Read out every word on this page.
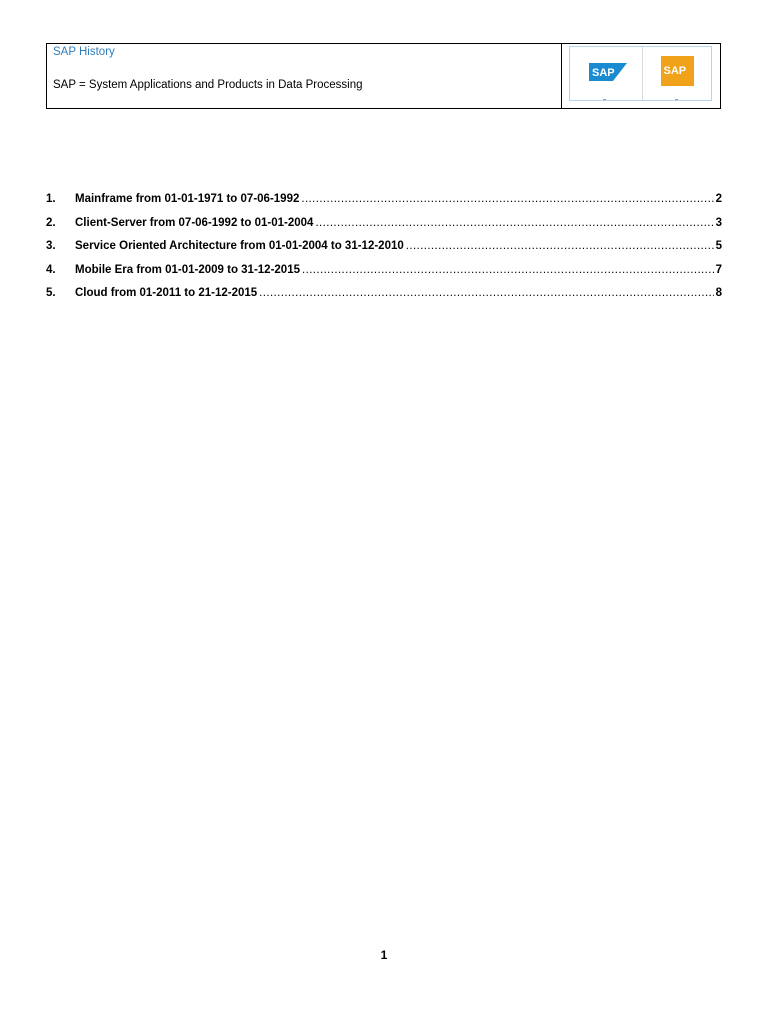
SAP History
SAP = System Applications and Products in Data Processing
SAP	SAP
1. Mainframe from 01-01-1971 to 07-06-1992 .....	2
2. Client-Server from 07-06-1992 to 01-01-2004 .....	3
3. Service Oriented Architecture from 01-01-2004 to 31-12-2010 .....	5
4. Mobile Era from 01-01-2009 to 31-12-2015 .....	7
5. Cloud from 01-2011 to 21-12-2015 .....	8
1
